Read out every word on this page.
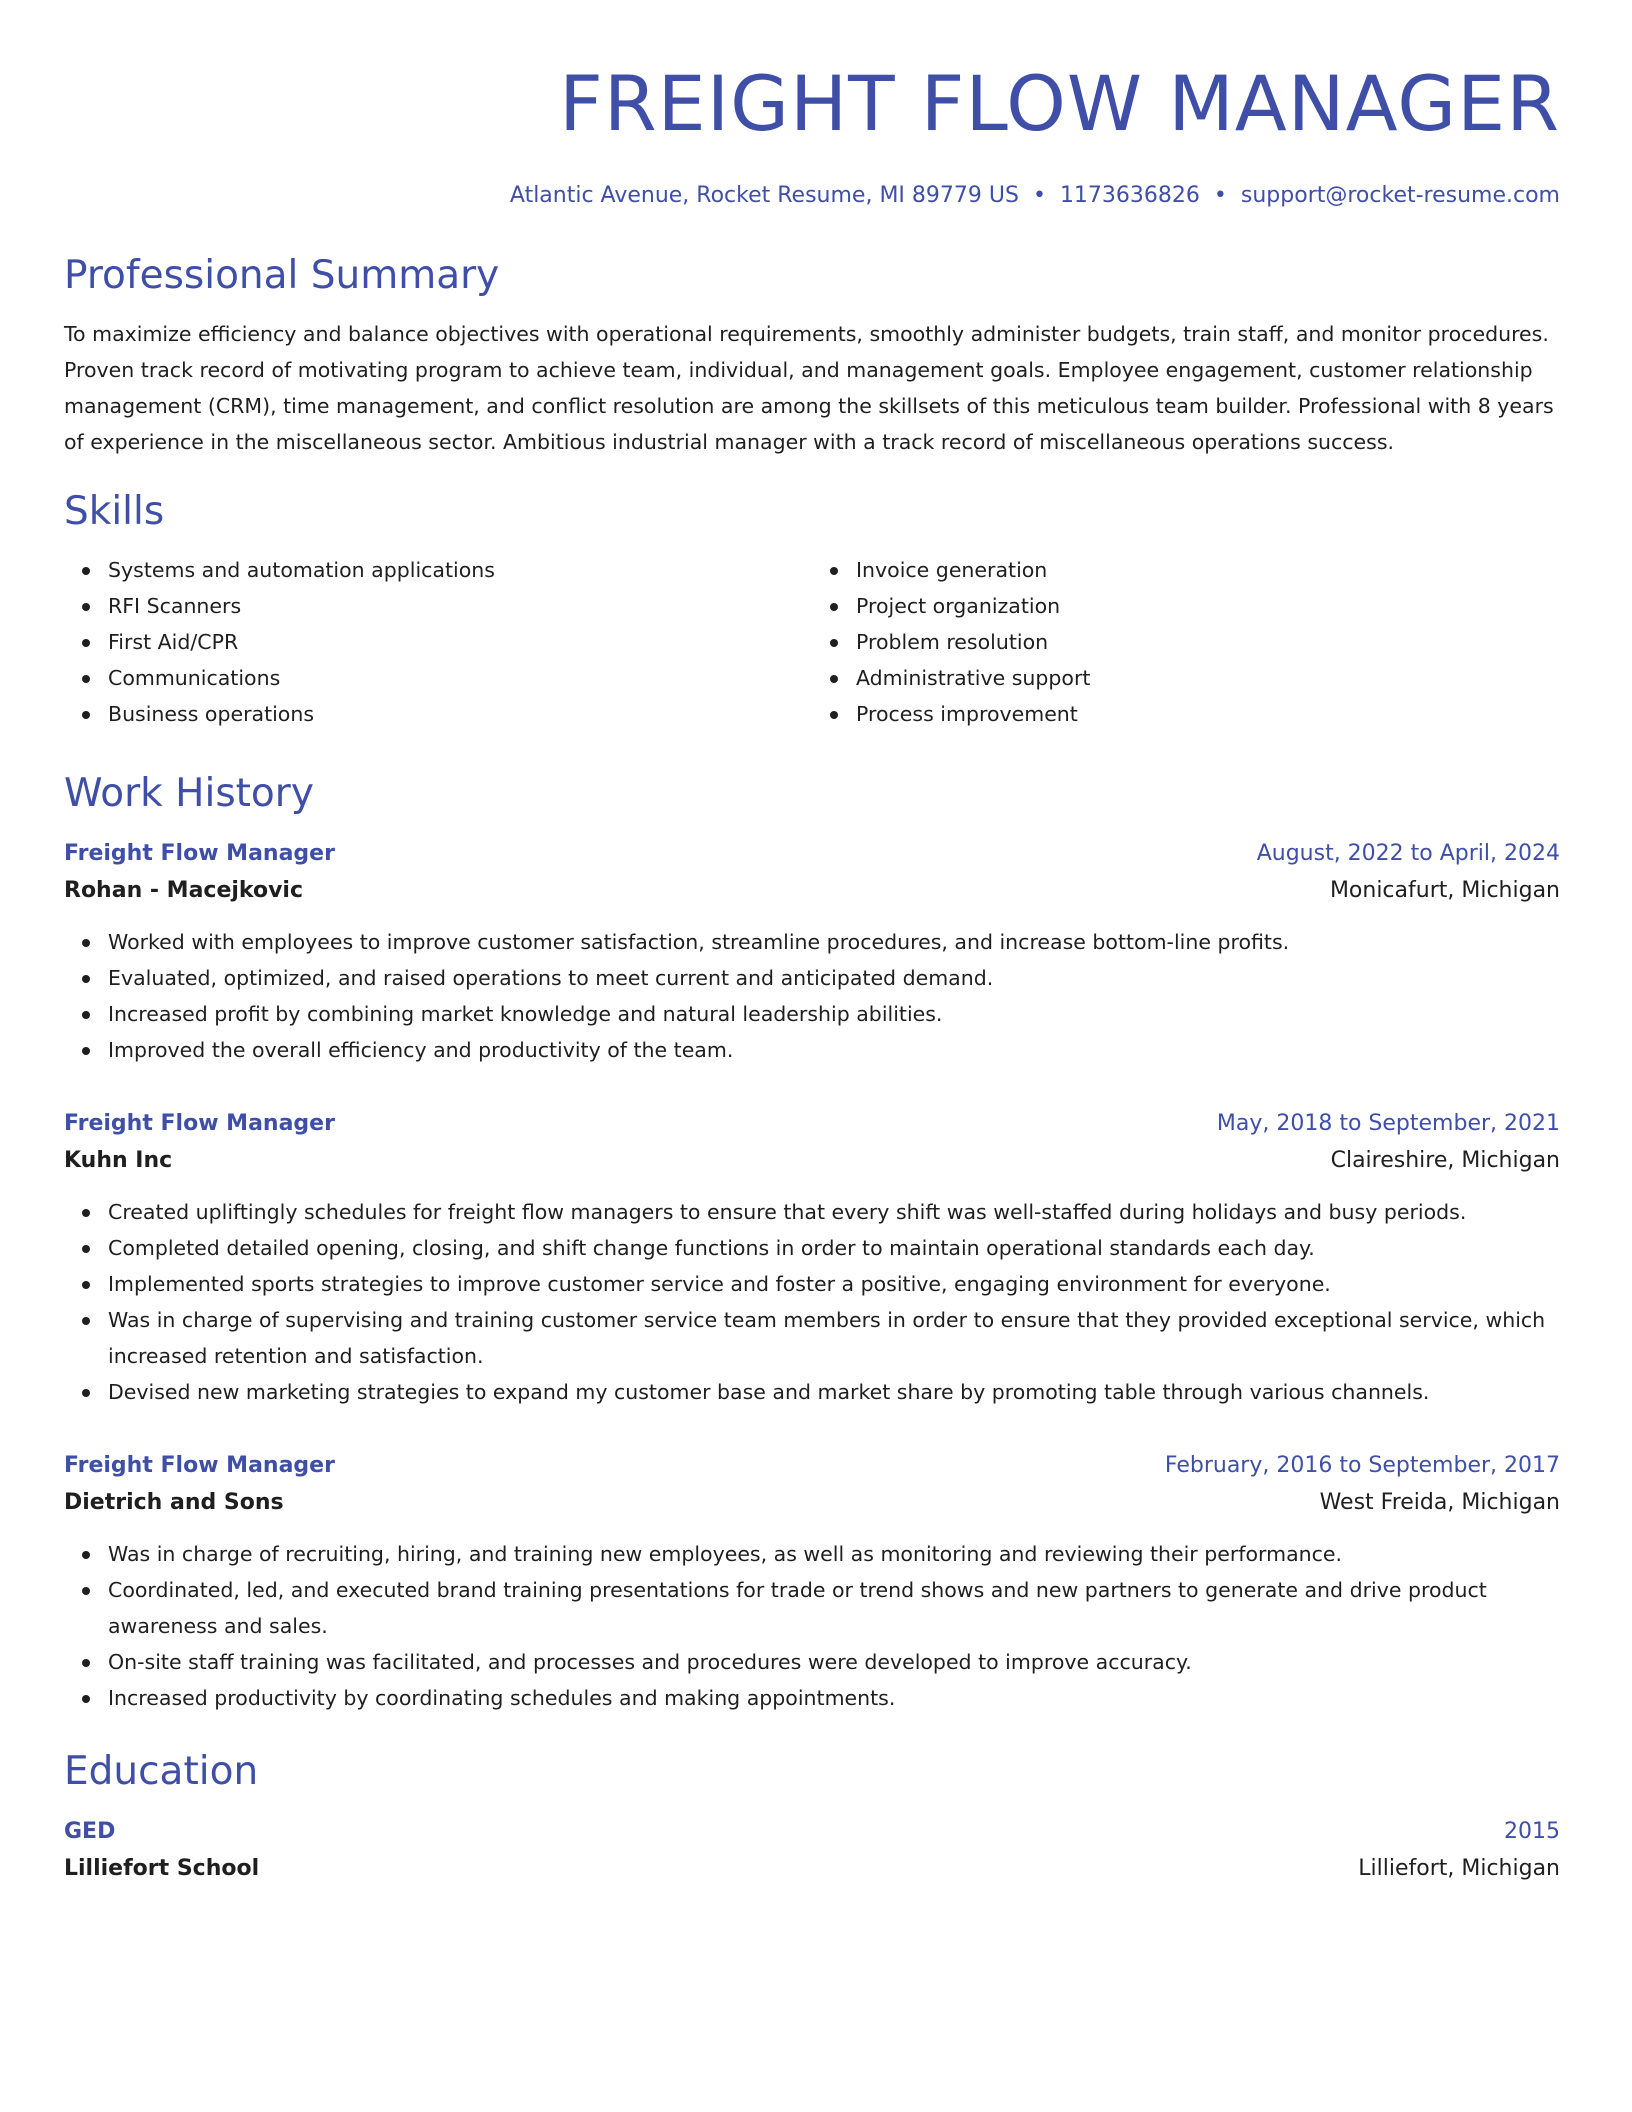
FREIGHT FLOW MANAGER
Atlantic Avenue, Rocket Resume, MI 89779 US • 1173636826 • support@rocket-resume.com
Professional Summary

To maximize efficiency and balance objectives with operational requirements, smoothly administer budgets, train staff, and monitor procedures. Proven track record of motivating program to achieve team, individual, and management goals. Employee engagement, customer relationship management (CRM), time management, and conflict resolution are among the skillsets of this meticulous team builder. Professional with 8 years of experience in the miscellaneous sector. Ambitious industrial manager with a track record of miscellaneous operations success.

Skills
Systems and automation applications
RFI Scanners
First Aid/CPR
Communications
Business operations
Invoice generation
Project organization
Problem resolution
Administrative support
Process improvement
Work History
Freight Flow Manager	August, 2022 to April, 2024
Rohan - Macejkovic	Monicafurt, Michigan
Worked with employees to improve customer satisfaction, streamline procedures, and increase bottom-line profits.
Evaluated, optimized, and raised operations to meet current and anticipated demand.
Increased profit by combining market knowledge and natural leadership abilities.
Improved the overall efficiency and productivity of the team.
Freight Flow Manager	May, 2018 to September, 2021
Kuhn Inc	Claireshire, Michigan
Created upliftingly schedules for freight flow managers to ensure that every shift was well-staffed during holidays and busy periods.
Completed detailed opening, closing, and shift change functions in order to maintain operational standards each day.
Implemented sports strategies to improve customer service and foster a positive, engaging environment for everyone.
Was in charge of supervising and training customer service team members in order to ensure that they provided exceptional service, which increased retention and satisfaction.
Devised new marketing strategies to expand my customer base and market share by promoting table through various channels.
Freight Flow Manager	February, 2016 to September, 2017
Dietrich and Sons	West Freida, Michigan
Was in charge of recruiting, hiring, and training new employees, as well as monitoring and reviewing their performance.
Coordinated, led, and executed brand training presentations for trade or trend shows and new partners to generate and drive product awareness and sales.
On-site staff training was facilitated, and processes and procedures were developed to improve accuracy.
Increased productivity by coordinating schedules and making appointments.
Education
GED	2015
Lilliefort School	Lilliefort, Michigan
